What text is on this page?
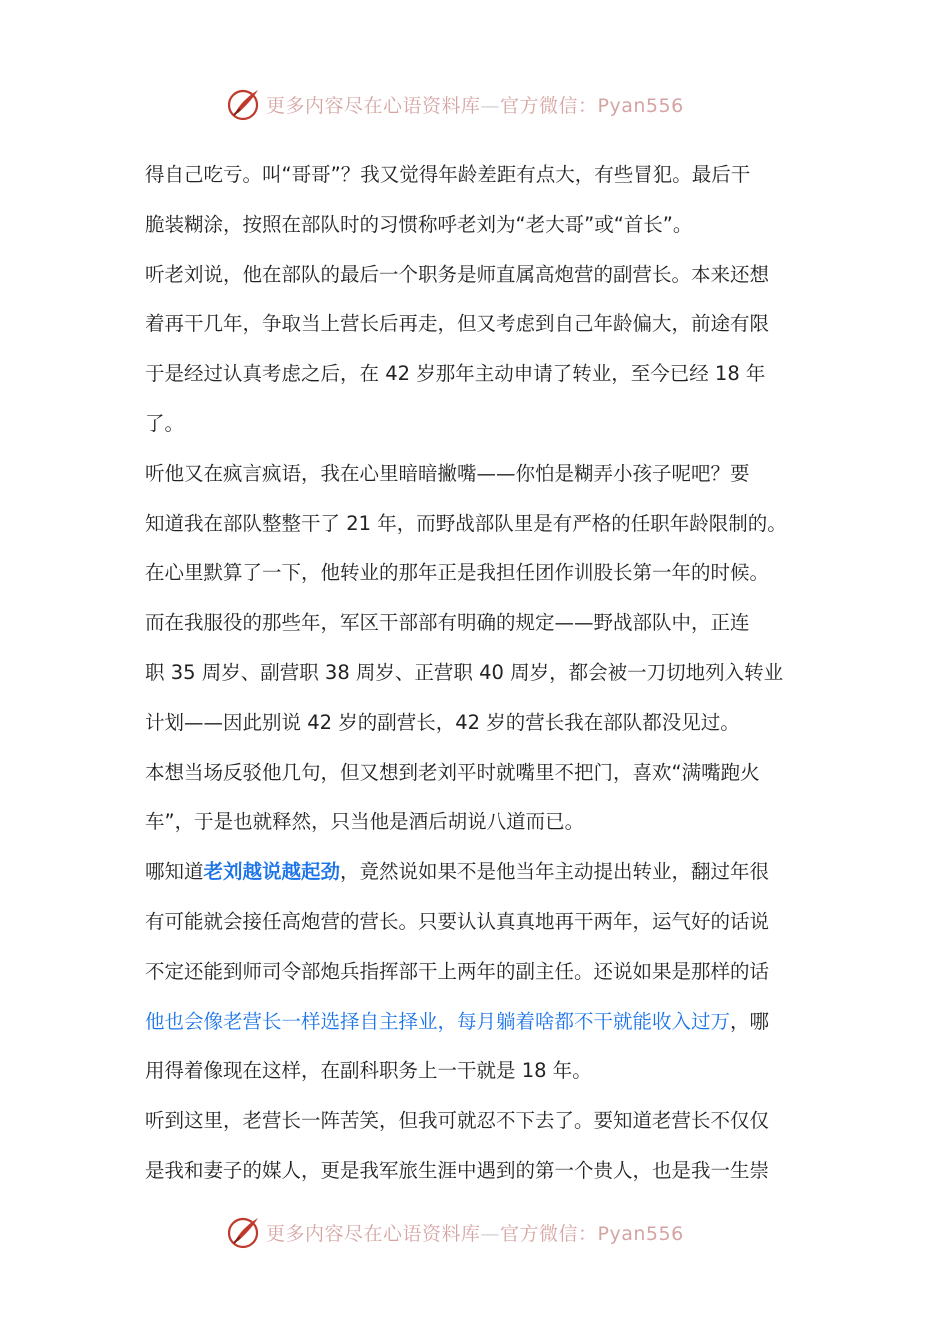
更多内容尽在心语资料库—官方微信：Pyan556
得自己吃亏。叫“哥哥”？我又觉得年龄差距有点大，有些冒犯。最后干
脆装糊涂，按照在部队时的习惯称呼老刘为“老大哥”或“首长”。
听老刘说，他在部队的最后一个职务是师直属高炮营的副营长。本来还想
着再干几年，争取当上营长后再走，但又考虑到自己年龄偏大，前途有限
于是经过认真考虑之后，在 42 岁那年主动申请了转业，至今已经 18 年
了。
听他又在疯言疯语，我在心里暗暗撇嘴——你怕是糊弄小孩子呢吧？要
知道我在部队整整干了 21 年，而野战部队里是有严格的任职年龄限制的。
在心里默算了一下，他转业的那年正是我担任团作训股长第一年的时候。
而在我服役的那些年，军区干部部有明确的规定——野战部队中，正连
职 35 周岁、副营职 38 周岁、正营职 40 周岁，都会被一刀切地列入转业
计划——因此别说 42 岁的副营长，42 岁的营长我在部队都没见过。
本想当场反驳他几句，但又想到老刘平时就嘴里不把门，喜欢“满嘴跑火
车”，于是也就释然，只当他是酒后胡说八道而已。
哪知道老刘越说越起劲，竟然说如果不是他当年主动提出转业，翻过年很
有可能就会接任高炮营的营长。只要认认真真地再干两年，运气好的话说
不定还能到师司令部炮兵指挥部干上两年的副主任。还说如果是那样的话
他也会像老营长一样选择自主择业，每月躺着啥都不干就能收入过万，哪
用得着像现在这样，在副科职务上一干就是 18 年。
听到这里，老营长一阵苦笑，但我可就忍不下去了。要知道老营长不仅仅
是我和妻子的媒人，更是我军旅生涯中遇到的第一个贵人，也是我一生崇
更多内容尽在心语资料库—官方微信：Pyan556
